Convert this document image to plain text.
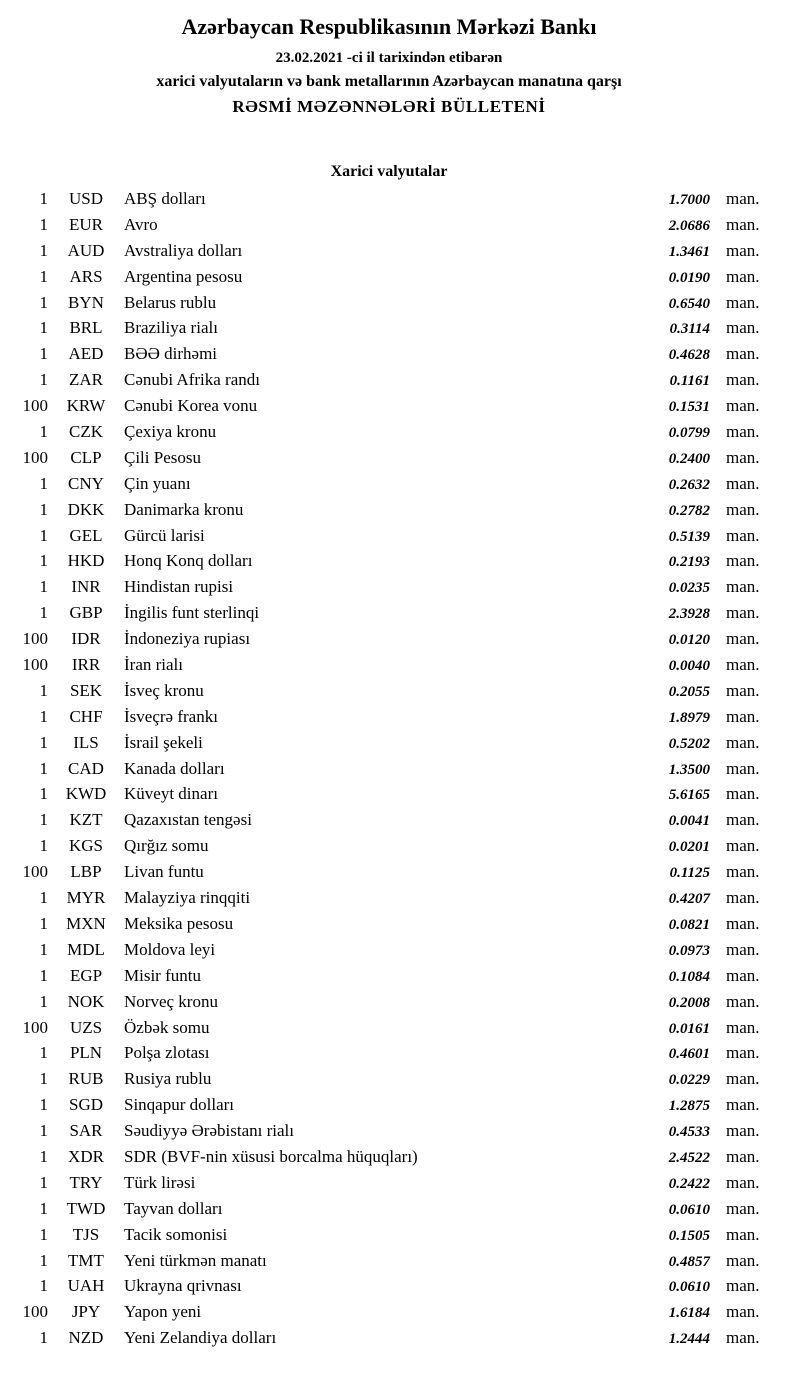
Azərbaycan Respublikasının Mərkəzi Bankı
23.02.2021 -ci il tarixindən etibarən
xarici valyutaların və bank metallarının Azərbaycan manatına qarşı
RƏSMİ MƏZƏNNƏLƏRİ BÜLLETENİ
Xarici valyutalar
1	USD	ABŞ dolları	1.7000 man.
1	EUR	Avro	2.0686 man.
1	AUD	Avstraliya dolları	1.3461 man.
1	ARS	Argentina pesosu	0.0190 man.
1	BYN	Belarus rublu	0.6540 man.
1	BRL	Braziliya rialı	0.3114 man.
1	AED	BƏƏ dirhəmi	0.4628 man.
1	ZAR	Cənubi Afrika randı	0.1161 man.
100	KRW	Cənubi Korea vonu	0.1531 man.
1	CZK	Çexiya kronu	0.0799 man.
100	CLP	Çili Pesosu	0.2400 man.
1	CNY	Çin yuanı	0.2632 man.
1	DKK	Danimarka kronu	0.2782 man.
1	GEL	Gürcü larisi	0.5139 man.
1	HKD	Honq Konq dolları	0.2193 man.
1	INR	Hindistan rupisi	0.0235 man.
1	GBP	İngilis funt sterlinqi	2.3928 man.
100	IDR	İndoneziya rupiası	0.0120 man.
100	IRR	İran rialı	0.0040 man.
1	SEK	İsveç kronu	0.2055 man.
1	CHF	İsveçrə frankı	1.8979 man.
1	ILS	İsrail şekeli	0.5202 man.
1	CAD	Kanada dolları	1.3500 man.
1	KWD	Küveyt dinarı	5.6165 man.
1	KZT	Qazaxıstan tengəsi	0.0041 man.
1	KGS	Qırğız somu	0.0201 man.
100	LBP	Livan funtu	0.1125 man.
1	MYR	Malayziya rinqqiti	0.4207 man.
1	MXN	Meksika pesosu	0.0821 man.
1	MDL	Moldova leyi	0.0973 man.
1	EGP	Misir funtu	0.1084 man.
1	NOK	Norveç kronu	0.2008 man.
100	UZS	Özbək somu	0.0161 man.
1	PLN	Polşa zlotası	0.4601 man.
1	RUB	Rusiya rublu	0.0229 man.
1	SGD	Sinqapur dolları	1.2875 man.
1	SAR	Səudiyyə Ərəbistanı rialı	0.4533 man.
1	XDR	SDR (BVF-nin xüsusi borcalma hüquqları)	2.4522 man.
1	TRY	Türk lirəsi	0.2422 man.
1	TWD	Tayvan dolları	0.0610 man.
1	TJS	Tacik somonisi	0.1505 man.
1	TMT	Yeni türkmən manatı	0.4857 man.
1	UAH	Ukrayna qrivnası	0.0610 man.
100	JPY	Yapon yeni	1.6184 man.
1	NZD	Yeni Zelandiya dolları	1.2444 man.
